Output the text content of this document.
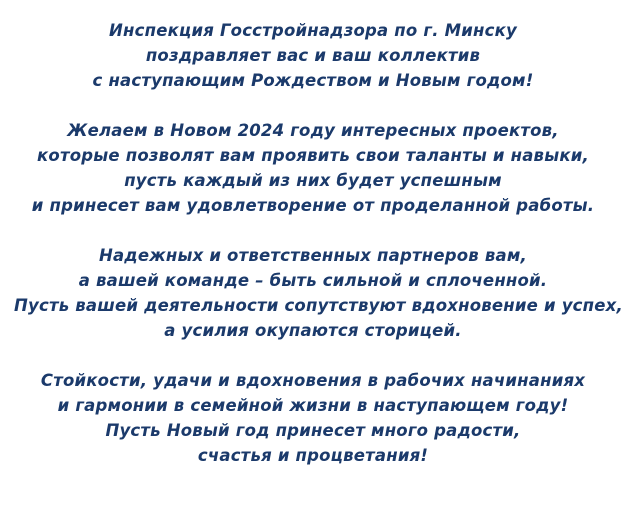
Инспекция Госстройнадзора по г. Минску
поздравляет вас и ваш коллектив
с наступающим Рождеством и Новым годом!

Желаем в Новом 2024 году интересных проектов,
которые позволят вам проявить свои таланты и навыки,
пусть каждый из них будет успешным
и принесет вам удовлетворение от проделанной работы.

Надежных и ответственных партнеров вам,
а вашей команде – быть сильной и сплоченной.
Пусть вашей деятельности сопутствуют вдохновение и успех,
а усилия окупаются сторицей.

Стойкости, удачи и вдохновения в рабочих начинаниях
и гармонии в семейной жизни в наступающем году!
Пусть Новый год принесет много радости,
счастья и процветания!
